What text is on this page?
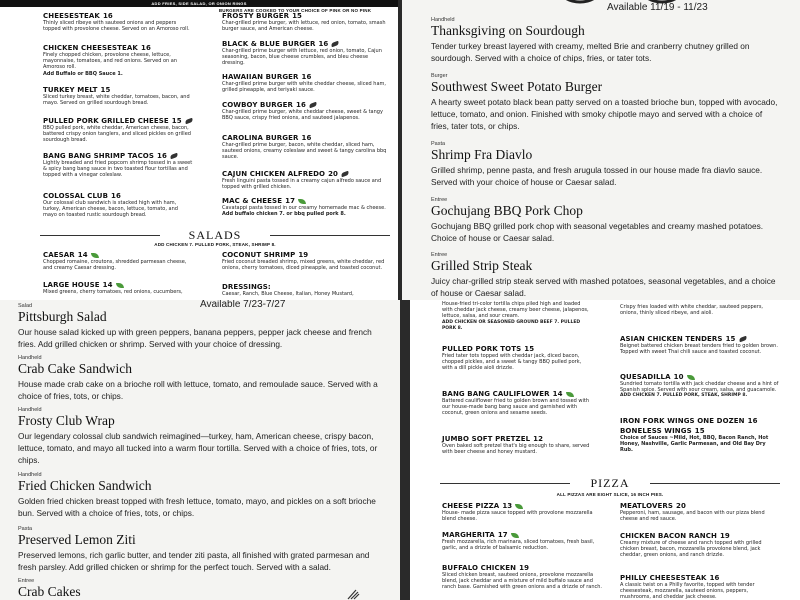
ADD FRIES, SIDE SALAD, OR ONION RINGS
BURGERS ARE COOKED TO YOUR CHOICE OF PINK OR NO PINK
CHEESESTEAK 16
Thinly sliced ribeye with sauteed onions and peppers topped with provolone cheese. Served on an Amoroso roll.
CHICKEN CHEESESTEAK 16
Finely chopped chicken, provolone cheese, lettuce, mayonnaise, tomatoes, and red onions. Served on an Amoroso roll.
Add Buffalo or BBQ Sauce 1.
TURKEY MELT 15
Sliced turkey breast, white cheddar, tomatoes, bacon, and mayo. Served on grilled sourdough bread.
PULLED PORK GRILLED CHEESE 15
BBQ pulled pork, white cheddar, American cheese, bacon, battered crispy onion tanglers, and sliced pickles on grilled sourdough bread.
BANG BANG SHRIMP TACOS 16
Lightly breaded and fried popcorn shrimp tossed in a sweet & spicy bang bang sauce in two toasted flour tortillas and topped with a vinegar coleslaw.
COLOSSAL CLUB 16
Our colossal club sandwich is stacked high with ham, turkey, American cheese, bacon, lettuce, tomato, and mayo on toasted rustic sourdough bread.
FROSTY BURGER 15
Char-grilled prime burger, with lettuce, red onion, tomato, smash burger sauce, and American cheese.
BLACK & BLUE BURGER 16
Char-grilled prime burger with lettuce, red onion, tomato, Cajun seasoning, bacon, blue cheese crumbles, and bleu cheese dressing.
HAWAIIAN BURGER 16
Char-grilled prime burger with white cheddar cheese, sliced ham, grilled pineapple, and teriyaki sauce.
COWBOY BURGER 16
Char-grilled prime burger, white cheddar cheese, sweet & tangy BBQ sauce, crispy fried onions, and sauteed jalapenos.
CAROLINA BURGER 16
Char-grilled prime burger, bacon, white cheddar, sliced ham, sauteed onions, creamy coleslaw and sweet & tangy carolina bbq sauce.
CAJUN CHICKEN ALFREDO 20
Fresh linguini pasta tossed in a creamy cajun alfredo sauce and topped with grilled chicken.
MAC & CHEESE 17
Cavatappi pasta tossed in our creamy homemade mac & cheese.
Add buffalo chicken 7. or bbq pulled pork 8.
SALADS
ADD CHICKEN 7. PULLED PORK, STEAK, SHRIMP 8.
CAESAR 14
Chopped romaine, croutons, shredded parmesan cheese, and creamy Caesar dressing.
LARGE HOUSE 14
Mixed greens, cherry tomatoes, red onions, cucumbers,
COCONUT SHRIMP 19
Fried coconut breaded shrimp, mixed greens, white cheddar, red onions, cherry tomatoes, diced pineapple, and toasted coconut.
DRESSINGS:
Caesar, Ranch, Blue Cheese, Italian, Honey Mustard,
Available 11/19 - 11/23
Handheld
Thanksgiving on Sourdough
Tender turkey breast layered with creamy, melted Brie and cranberry chutney grilled on sourdough. Served with a choice of chips, fries, or tater tots.
Burger
Southwest Sweet Potato Burger
A hearty sweet potato black bean patty served on a toasted brioche bun, topped with avocado, lettuce, tomato, and onion. Finished with smoky chipotle mayo and served with a choice of fries, tater tots, or chips.
Pasta
Shrimp Fra Diavlo
Grilled shrimp, penne pasta, and fresh arugula tossed in our house made fra diavlo sauce. Served with your choice of house or Caesar salad.
Entree
Gochujang BBQ Pork Chop
Gochujang BBQ grilled pork chop with seasonal vegetables and creamy mashed potatoes. Choice of house or Caesar salad.
Entree
Grilled Strip Steak
Juicy char-grilled strip steak served with mashed potatoes, seasonal vegetables, and a choice of house or Caesar salad.
Available 7/23-7/27
Salad
Pittsburgh Salad
Our house salad kicked up with green peppers, banana peppers, pepper jack cheese and french fries. Add grilled chicken or shrimp. Served with your choice of dressing.
Handheld
Crab Cake Sandwich
House made crab cake on a brioche roll with lettuce, tomato, and remoulade sauce. Served with a choice of fries, tots, or chips.
Handheld
Frosty Club Wrap
Our legendary colossal club sandwich reimagined—turkey, ham, American cheese, crispy bacon, lettuce, tomato, and mayo all tucked into a warm flour tortilla. Served with a choice of fries, tots, or chips.
Handheld
Fried Chicken Sandwich
Golden fried chicken breast topped with fresh lettuce, tomato, mayo, and pickles on a soft brioche bun. Served with a choice of fries, tots, or chips.
Pasta
Preserved Lemon Ziti
Preserved lemons, rich garlic butter, and tender ziti pasta, all finished with grated parmesan and fresh parsley. Add grilled chicken or shrimp for the perfect touch. Served with a salad.
Entree
Crab Cakes
House-fried tri-color tortilla chips piled high and loaded with cheddar jack cheese, creamy beer cheese, jalapenos, lettuce, salsa, and sour cream.
ADD CHICKEN OR SEASONED GROUND BEEF 7. PULLED PORK 8.
PULLED PORK TOTS 15
Fried tater tots topped with cheddar jack, diced bacon, chopped pickles, and a sweet & tangy BBQ pulled pork, with a dill pickle aioli drizzle.
BANG BANG CAULIFLOWER 14
Battered cauliflower fried to golden brown and tossed with our house-made bang bang sauce and garnished with coconut, green onions and sesame seeds.
JUMBO SOFT PRETZEL 12
Oven baked soft pretzel that's big enough to share, served with beer cheese and honey mustard.
Crispy fries loaded with white cheddar, sauteed peppers, onions, thinly sliced ribeye, and aioli.
ASIAN CHICKEN TENDERS 15
Beignet battered chicken breast tenders fried to golden brown. Topped with sweet Thai chili sauce and toasted coconut.
QUESADILLA 10
Sundried tomato tortilla with jack cheddar cheese and a hint of Spanish spice. Served with sour cream, salsa, and guacamole.
ADD CHICKEN 7. PULLED PORK, STEAK, SHRIMP 8.
IRON FORK WINGS ONE DOZEN 16
BONELESS WINGS 15
Choice of Sauces ~Mild, Hot, BBQ, Bacon Ranch, Hot Honey, Nashville, Garlic Parmesan, and Old Bay Dry Rub.
PIZZA
ALL PIZZAS ARE EIGHT SLICE, 16 INCH PIES.
CHEESE PIZZA 13
House- made pizza sauce topped with provolone mozzarella blend cheese.
MARGHERITA 17
Fresh mozzarella, rich marinara, sliced tomatoes, fresh basil, garlic, and a drizzle of balsamic reduction.
BUFFALO CHICKEN 19
Sliced chicken breast, sauteed onions, provolone mozzarella blend, jack cheddar and a mixture of mild buffalo sauce and ranch base. Garnished with green onions and a drizzle of ranch.
MEATLOVERS 20
Pepperoni, ham, sausage, and bacon with our pizza blend cheese and red sauce.
CHICKEN BACON RANCH 19
Creamy mixture of cheese and ranch topped with grilled chicken breast, bacon, mozzarella provolone blend, jack cheddar, green onions, and ranch drizzle.
PHILLY CHEESESTEAK 16
A classic twist on a Philly favorite, topped with tender cheesesteak, mozzarella, sauteed onions, peppers, mushrooms, and cheddar jack cheese.
